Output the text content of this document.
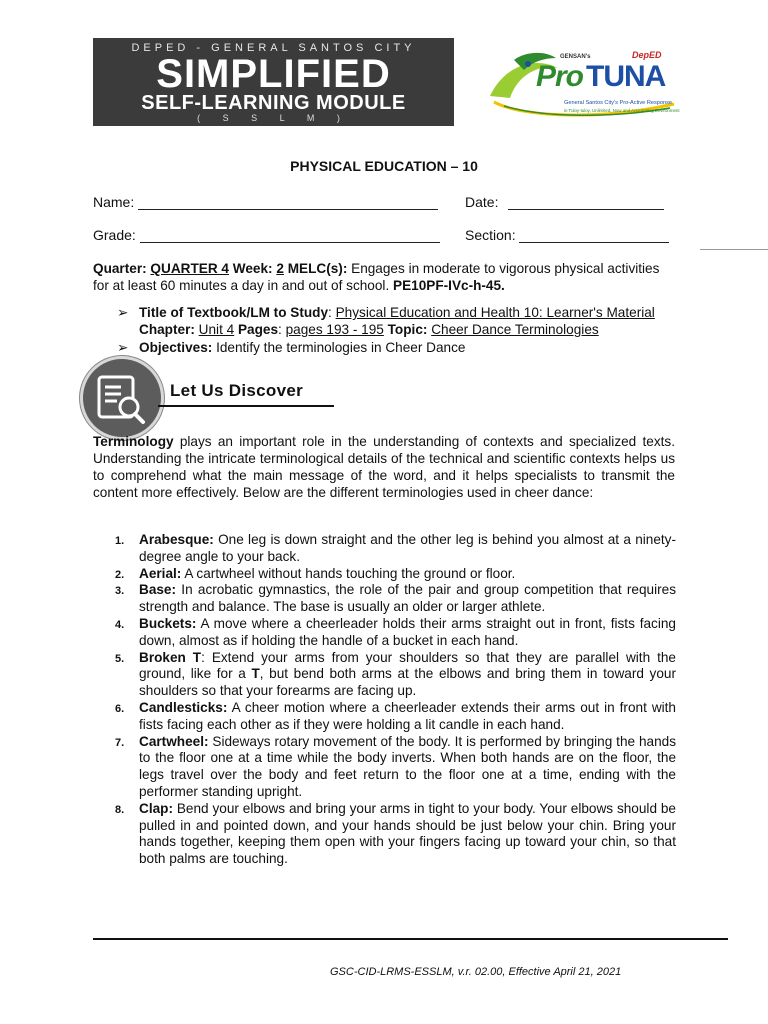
DEPED - GENERAL SANTOS CITY
SIMPLIFIED
SELF-LEARNING MODULE
( S S L M )
GENSAN's	DepED
Pro TUNA
General Santos City's Pro-Active Response
in Tuloy-tuloy, Unlimited, Now and Anticipating Environment
PHYSICAL EDUCATION – 10
Name:	Date:
Grade:	Section:
Quarter: QUARTER 4 Week: 2 MELC(s): Engages in moderate to vigorous physical activities
for at least 60 minutes a day in and out of school. PE10PF-IVc-h-45.
➢ Title of Textbook/LM to Study: Physical Education and Health 10: Learner's Material
Chapter: Unit 4 Pages: pages 193 - 195 Topic: Cheer Dance Terminologies
➢ Objectives: Identify the terminologies in Cheer Dance
Let Us Discover
Terminology plays an important role in the understanding of contexts and specialized texts. Understanding the intricate terminological details of the technical and scientific contexts helps us to comprehend what the main message of the word, and it helps specialists to transmit the content more effectively. Below are the different terminologies used in cheer dance:
1. Arabesque: One leg is down straight and the other leg is behind you almost at a ninety-degree angle to your back.
2. Aerial: A cartwheel without hands touching the ground or floor.
3. Base: In acrobatic gymnastics, the role of the pair and group competition that requires strength and balance. The base is usually an older or larger athlete.
4. Buckets: A move where a cheerleader holds their arms straight out in front, fists facing down, almost as if holding the handle of a bucket in each hand.
5. Broken T: Extend your arms from your shoulders so that they are parallel with the ground, like for a T, but bend both arms at the elbows and bring them in toward your shoulders so that your forearms are facing up.
6. Candlesticks: A cheer motion where a cheerleader extends their arms out in front with fists facing each other as if they were holding a lit candle in each hand.
7. Cartwheel: Sideways rotary movement of the body. It is performed by bringing the hands to the floor one at a time while the body inverts. When both hands are on the floor, the legs travel over the body and feet return to the floor one at a time, ending with the performer standing upright.
8. Clap: Bend your elbows and bring your arms in tight to your body. Your elbows should be pulled in and pointed down, and your hands should be just below your chin. Bring your hands together, keeping them open with your fingers facing up toward your chin, so that both palms are touching.
GSC-CID-LRMS-ESSLM, v.r. 02.00, Effective April 21, 2021
